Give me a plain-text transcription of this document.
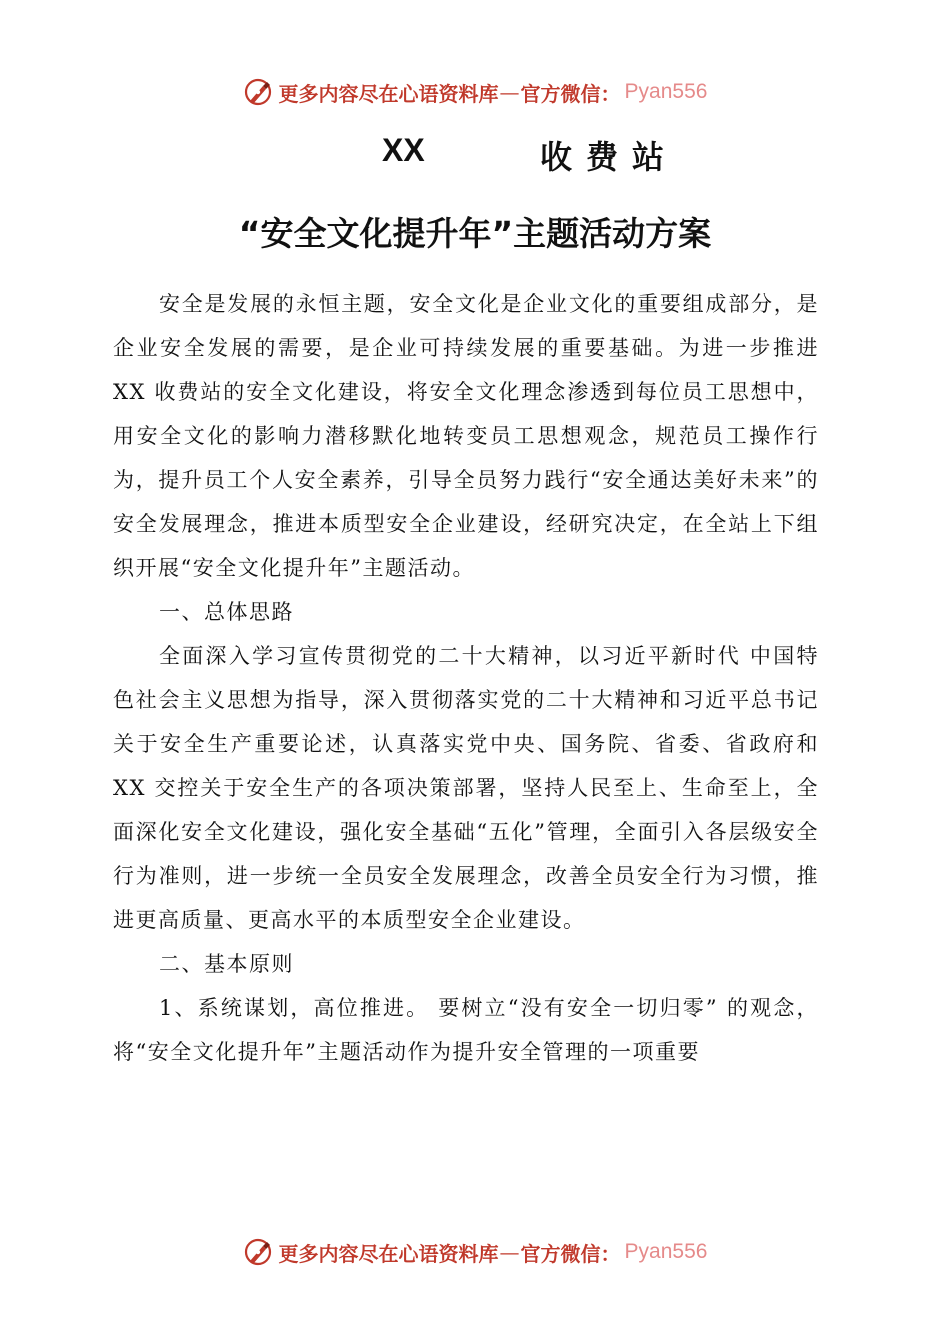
更多内容尽在心语资料库 — 官方微信： Pyan556
XX	收费站
“安全文化提升年”主题活动方案

安全是发展的永恒主题，安全文化是企业文化的重要组成部分，是企业安全发展的需要，是企业可持续发展的重要基础。为进一步推进 XX 收费站的安全文化建设，将安全文化理念渗透到每位员工思想中，用安全文化的影响力潜移默化地转变员工思想观念，规范员工操作行为，提升员工个人安全素养，引导全员努力践行“安全通达美好未来”的安全发展理念，推进本质型安全企业建设，经研究决定，在全站上下组织开展“安全文化提升年”主题活动。

一、总体思路

全面深入学习宣传贯彻党的二十大精神，以习近平新时代 中国特色社会主义思想为指导，深入贯彻落实党的二十大精神和习近平总书记关于安全生产重要论述，认真落实党中央、国务院、省委、省政府和 XX 交控关于安全生产的各项决策部署，坚持人民至上、生命至上，全面深化安全文化建设，强化安全基础“五化”管理，全面引入各层级安全行为准则，进一步统一全员安全发展理念，改善全员安全行为习惯，推进更高质量、更高水平的本质型安全企业建设。

二、基本原则

1、系统谋划，高位推进。 要树立“没有安全一切归零” 的观念，将“安全文化提升年”主题活动作为提升安全管理的一项重要

更多内容尽在心语资料库 — 官方微信： Pyan556
